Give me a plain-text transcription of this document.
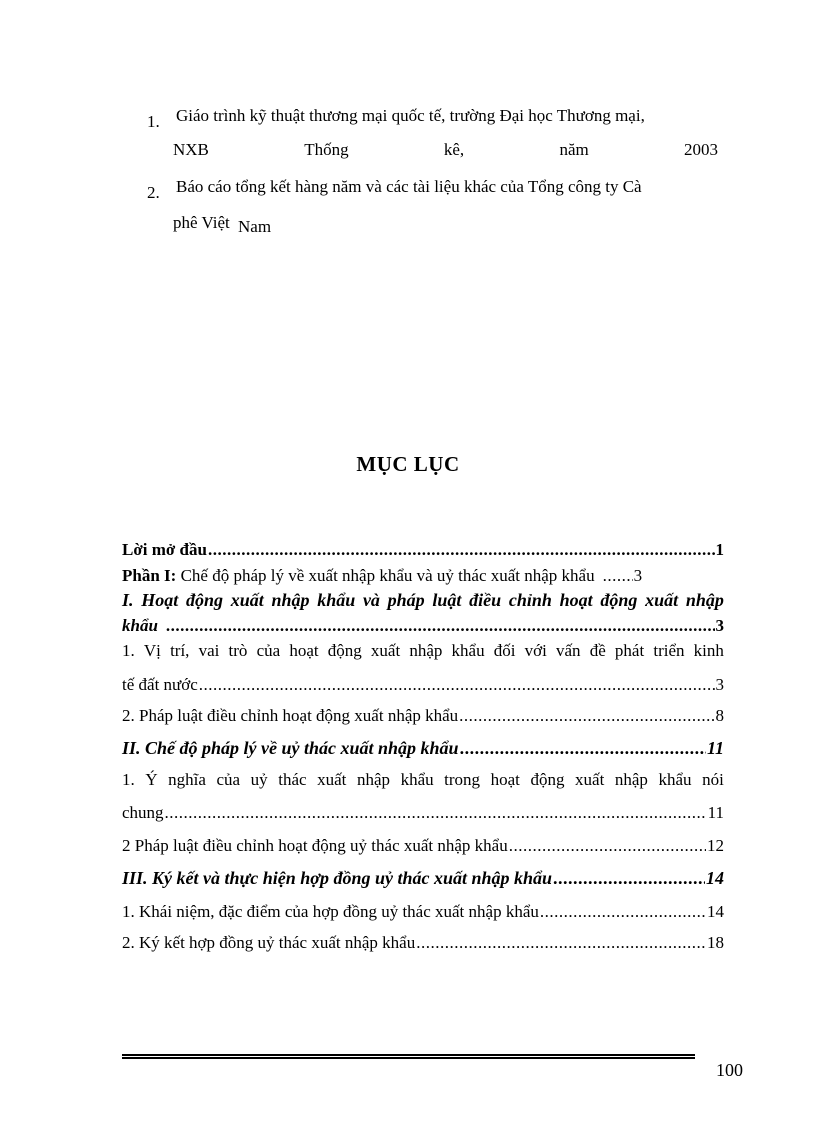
1. Giáo trình kỹ thuật thương mại quốc tế, trường Đại học Thương mại,
NXB	Thống	kê,	năm	2003
2. Báo cáo tổng kết hàng năm và các tài liệu khác của Tổng công ty Cà
phê Việt Nam
MỤC LỤC
Lời mở đầu .....	1
Phần I: Chế độ pháp lý về xuất nhập khẩu và uỷ thác xuất nhập khẩu ..... 3
I. Hoạt động xuất nhập khẩu và pháp luật điều chỉnh hoạt động xuất nhập
khẩu .....	3
1. Vị trí, vai trò của hoạt động xuất nhập khẩu đối với vấn đề phát triển kinh
tế đất nước .....	3
2. Pháp luật điều chỉnh hoạt động xuất nhập khẩu .....	8
II. Chế độ pháp lý về uỷ thác xuất nhập khẩu .....	11
1. Ý nghĩa của uỷ thác xuất nhập khẩu trong hoạt động xuất nhập khẩu nói
chung .....	11
2 Pháp luật điều chỉnh hoạt động uỷ thác xuất nhập khẩu .....	12
III. Ký kết và thực hiện hợp đồng uỷ thác xuất nhập khẩu .....	14
1. Khái niệm, đặc điểm của hợp đồng uỷ thác xuất nhập khẩu .....	14
2. Ký kết hợp đồng uỷ thác xuất nhập khẩu .....	18
100
